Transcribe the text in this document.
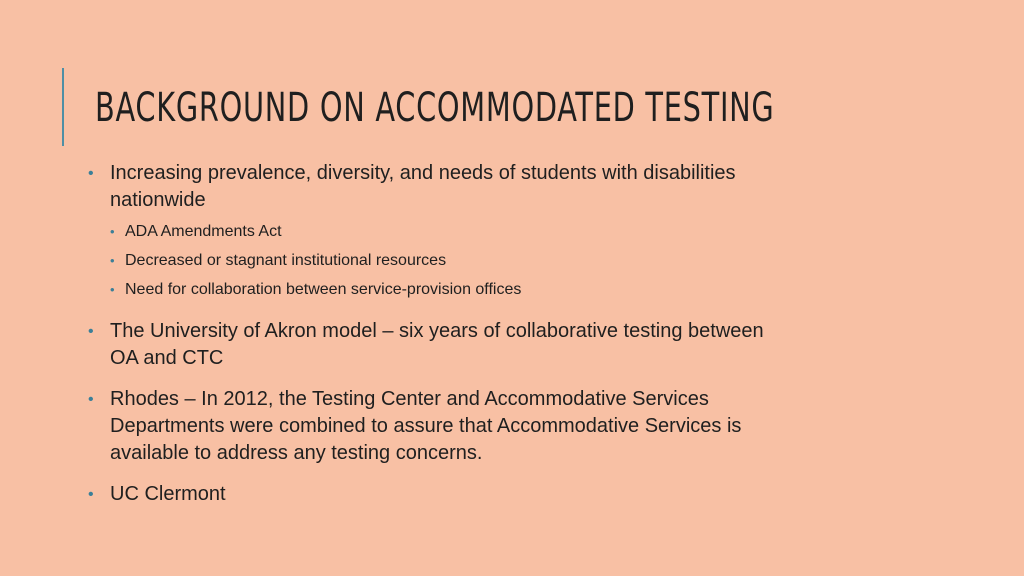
BACKGROUND ON ACCOMMODATED TESTING
• Increasing prevalence, diversity, and needs of students with disabilities
nationwide
• ADA Amendments Act
• Decreased or stagnant institutional resources
• Need for collaboration between service-provision offices
• The University of Akron model – six years of collaborative testing between
OA and CTC
• Rhodes – In 2012, the Testing Center and Accommodative Services
Departments were combined to assure that Accommodative Services is
available to address any testing concerns.
• UC Clermont
